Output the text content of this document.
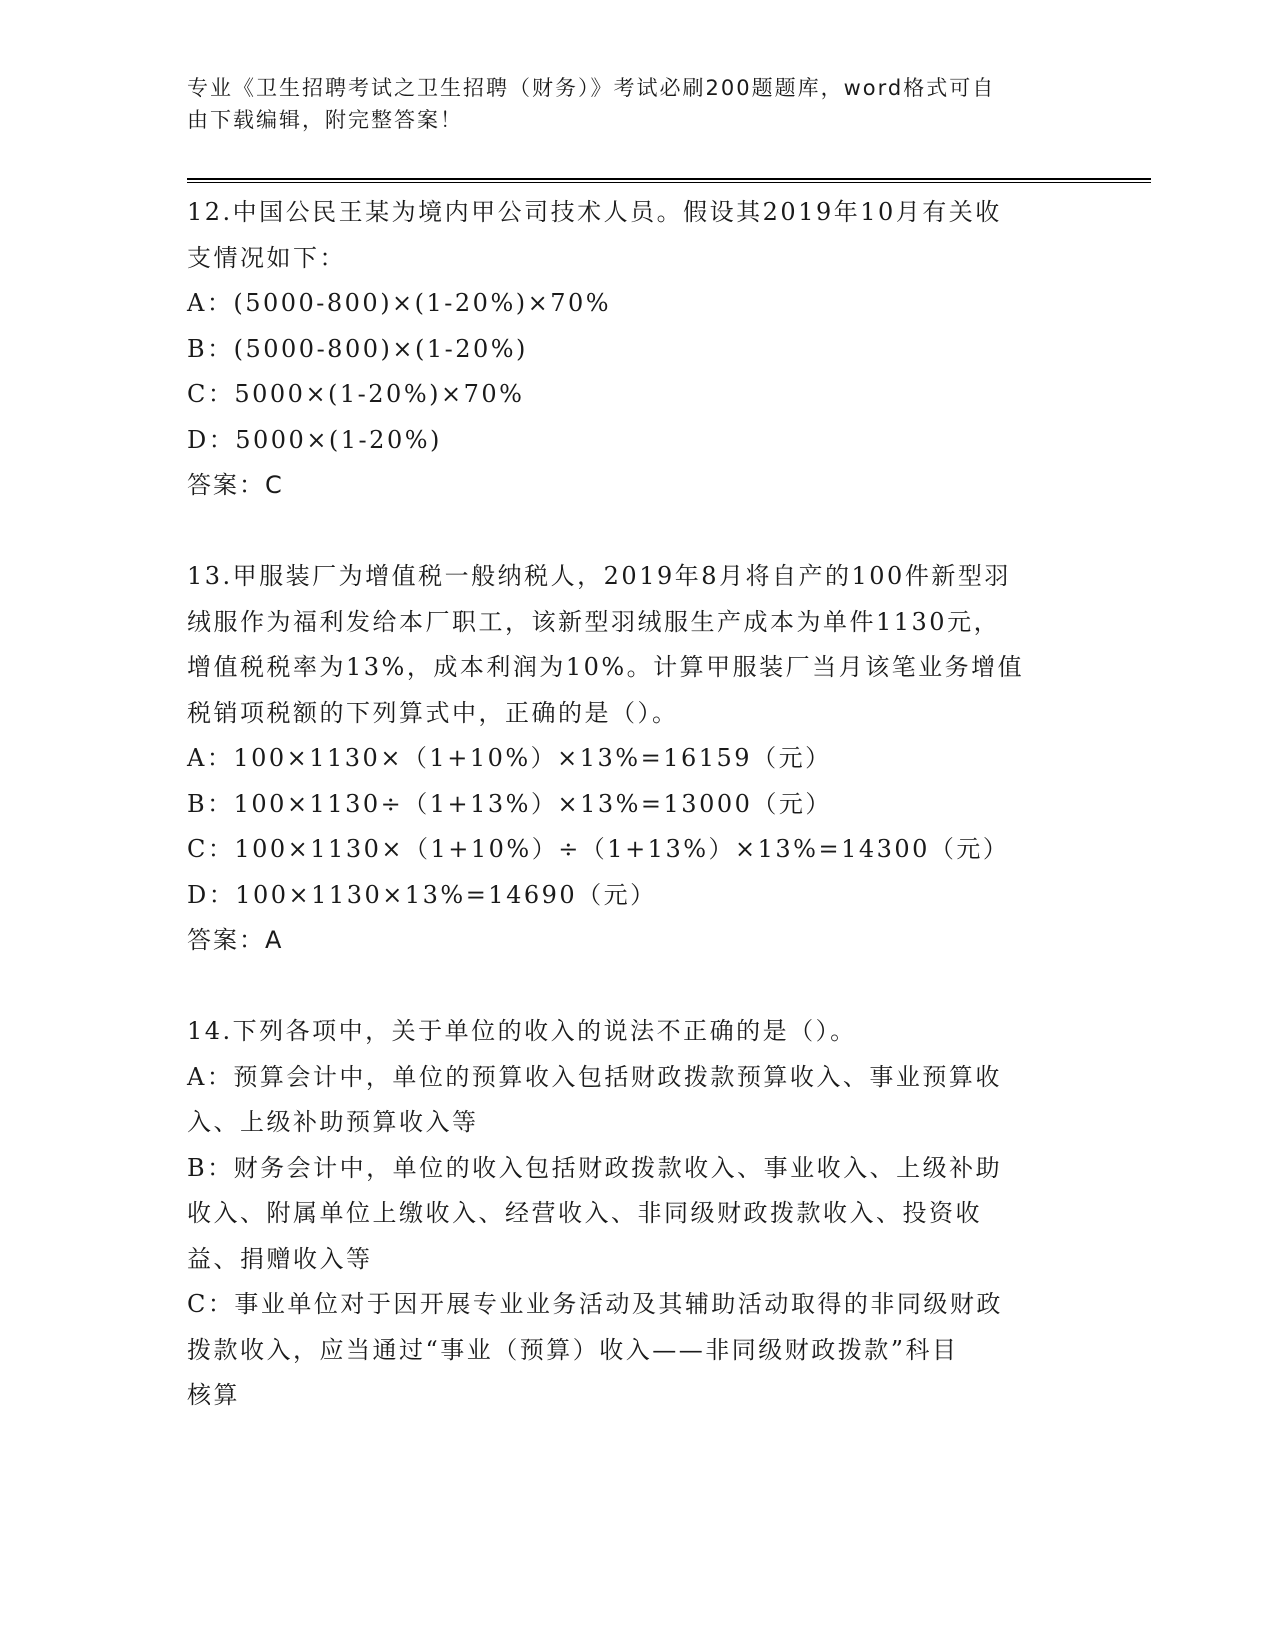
专业《卫生招聘考试之卫生招聘（财务）》考试必刷200题题库，word格式可自
由下载编辑，附完整答案！
12.中国公民王某为境内甲公司技术人员。假设其2019年10月有关收
支情况如下：
A：(5000-800)×(1-20%)×70%
B：(5000-800)×(1-20%)
C：5000×(1-20%)×70%
D：5000×(1-20%)
答案：C
13.甲服装厂为增值税一般纳税人，2019年8月将自产的100件新型羽
绒服作为福利发给本厂职工，该新型羽绒服生产成本为单件1130元，
增值税税率为13%，成本利润为10%。计算甲服装厂当月该笔业务增值
税销项税额的下列算式中，正确的是（）。
A：100×1130×（1+10%）×13%=16159（元）
B：100×1130÷（1+13%）×13%=13000（元）
C：100×1130×（1+10%）÷（1+13%）×13%=14300（元）
D：100×1130×13%=14690（元）
答案：A
14.下列各项中，关于单位的收入的说法不正确的是（）。
A：预算会计中，单位的预算收入包括财政拨款预算收入、事业预算收
入、上级补助预算收入等
B：财务会计中，单位的收入包括财政拨款收入、事业收入、上级补助
收入、附属单位上缴收入、经营收入、非同级财政拨款收入、投资收
益、捐赠收入等
C：事业单位对于因开展专业业务活动及其辅助活动取得的非同级财政
拨款收入，应当通过“事业（预算）收入——非同级财政拨款”科目
核算
